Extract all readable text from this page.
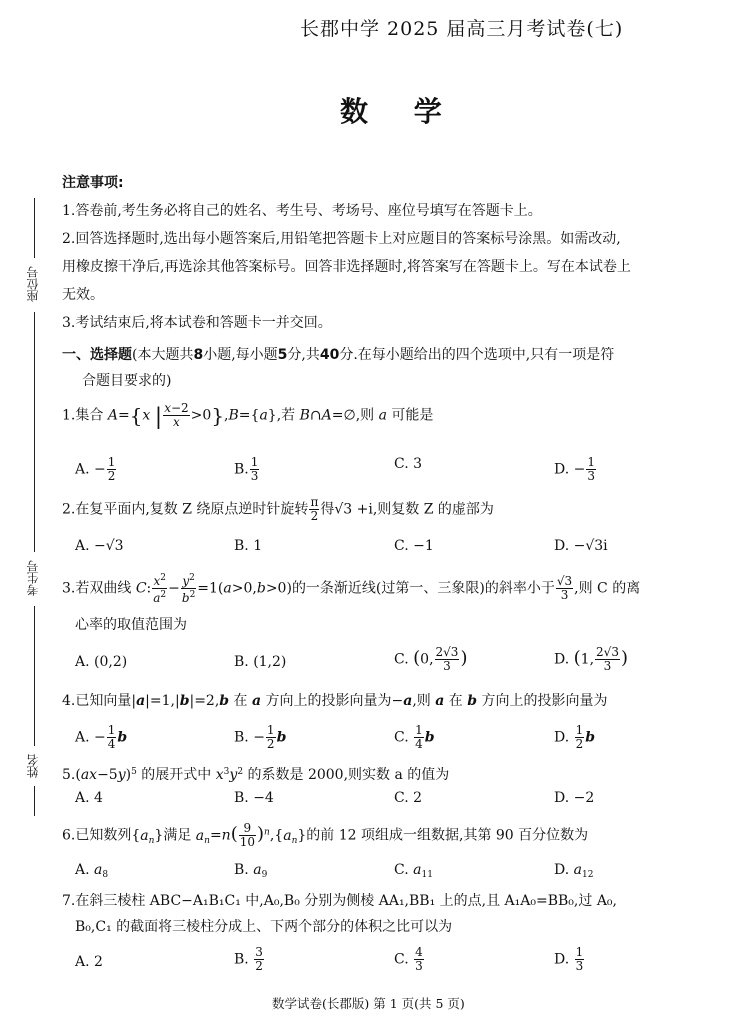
座位号
考生号
姓名
长郡中学 2025 届高三月考试卷(七)
数 学
注意事项:
1.答卷前,考生务必将自己的姓名、考生号、考场号、座位号填写在答题卡上。
2.回答选择题时,选出每小题答案后,用铅笔把答题卡上对应题目的答案标号涂黑。如需改动,
用橡皮擦干净后,再选涂其他答案标号。回答非选择题时,将答案写在答题卡上。写在本试卷上
无效。
3.考试结束后,将本试卷和答题卡一并交回。
一、选择题(本大题共8小题,每小题5分,共40分.在每小题给出的四个选项中,只有一项是符
合题目要求的)
1.集合 A={x | $\frac{x-2}{x} >0\},B=\{a\}$,若 B∩A=∅,则 a 可能是
A. − $\frac{1}{2}$	B. $\frac{1}{3}$	C. 3	D. − $\frac{1}{3}$
2.在复平面内,复数 Z 绕原点逆时针旋转 $\frac{\pi}{2}$ 得√3 +i,则复数 Z 的虚部为
A. −√3	B. 1	C. −1	D. −√3i
3.若双曲线 C: $\frac{x^2}{a^2} - \frac{y^2}{b^2} =1(a>0,b>0)$的一条渐近线(过第一、三象限)的斜率小于 $\frac{√3}{3}$ ,则 C 的离
心率的取值范围为
A. (0,2)	B. (1,2)	C. (0, $\frac{2√3}{3}$ )	D. (1, $\frac{2√3}{3}$ )
4.已知向量|a|=1,|b|=2,b 在 a 方向上的投影向量为−a,则 a 在 b 方向上的投影向量为
A. − $\frac{1}{4}$ b	B. − $\frac{1}{2}$ b	C. $\frac{1}{4}$ b	D. $\frac{1}{2}$ b
$5.(ax-5y)^5$ 的展开式中 $x^3y^2$ 的系数是 2000,则实数 a 的值为
A. 4	B. −4	C. 2	D. −2
6.已知数列$\{a_n\}$满足 $a_n=n( \frac{9}{10} )^n,\{a_n\}$的前 12 项组成一组数据,其第 90 百分位数为
A. $a_8$	B. $a_9$	C. $a_{11}$	D. $a_{12}$
7.在斜三棱柱 ABC−A₁B₁C₁ 中,A₀,B₀ 分别为侧棱 AA₁,BB₁ 上的点,且 A₁A₀=BB₀,过 A₀,
B₀,C₁ 的截面将三棱柱分成上、下两个部分的体积之比可以为
A. 2	B. $\frac{3}{2}$	C. $\frac{4}{3}$	D. $\frac{1}{3}$
数学试卷(长郡版) 第 1 页(共 5 页)
